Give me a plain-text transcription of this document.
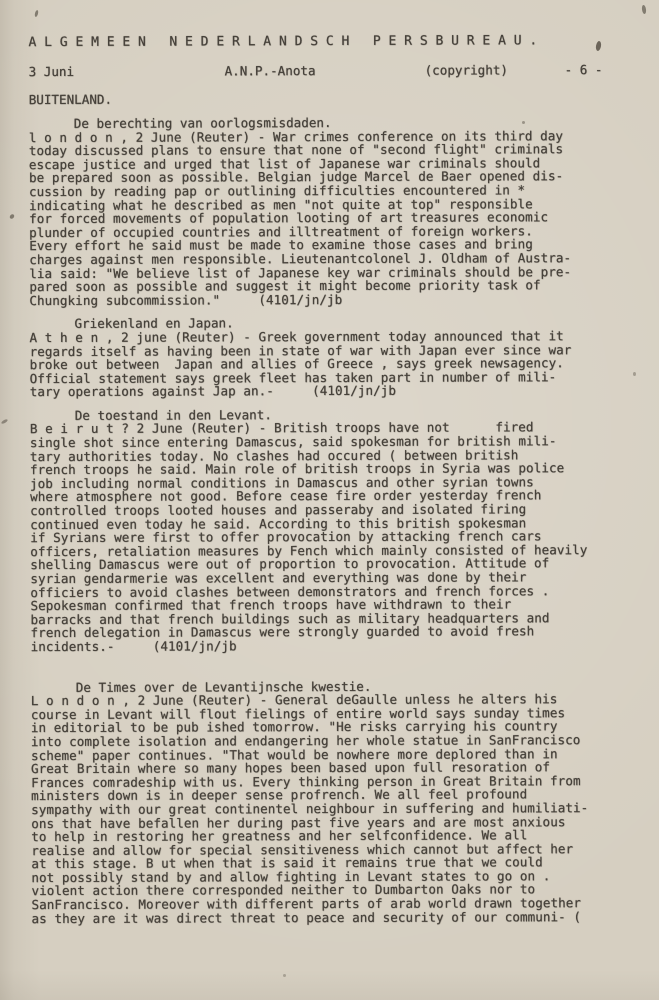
A L G E M E E N   N E D E R L A N D S C H   P E R S B U R E A U .
3 Juni	A.N.P.-Anota	(copyright)	- 6 -
BUITENLAND.

De berechting van oorlogsmisdaden.

l o n d o n , 2 June (Reuter) - War crimes conference on its third day
today discussed plans to ensure that none of "second flight" criminals
escape justice and urged that list of Japanese war criminals should
be prepared soon as possible. Belgian judge Marcel de Baer opened dis-
cussion by reading pap or outlining difficulties encountered in *
indicating what he described as men "not quite at top" responsible
for forced movements of population looting of art treasures economic
plunder of occupied countries and illtreatment of foreign workers.
Every effort he said must be made to examine those cases and bring
charges against men responsible. Lieutenantcolonel J. Oldham of Austra-
lia said: "We believe list of Japanese key war criminals should be pre-
pared soon as possible and suggest it might become priority task of
Chungking subcommission."     (4101/jn/jb

Griekenland en Japan.

A t h e n , 2 june (Reuter) - Greek government today announced that it
regards itself as having been in state of war with Japan ever since war
broke out between  Japan and allies of Greece , says greek newsagency.
Official statement says greek fleet has taken part in number of mili-
tary operations against Jap an.-     (4101/jn/jb

De toestand in den Levant.

B e i r u t ? 2 June (Reuter) - British troops have not      fired
single shot since entering Damascus, said spokesman for british mili-
tary authorities today. No clashes had occured ( between british
french troops he said. Main role of british troops in Syria was police
job including normal conditions in Damascus and other syrian towns
where atmosphere not good. Before cease fire order yesterday french
controlled troops looted houses and passeraby and isolated firing
continued even today he said. According to this british spokesman
if Syrians were first to offer provocation by attacking french cars
officers, retaliation measures by Fench which mainly consisted of heavily
shelling Damascus were out of proportion to provocation. Attitude of
syrian gendarmerie was excellent and everything was done by their
officiers to avoid clashes between demonstrators and french forces .
Sepokesman confirmed that french troops have withdrawn to their
barracks and that french buildings such as military headquarters and
french delegation in Damascus were strongly guarded to avoid fresh
incidents.-     (4101/jn/jb

De Times over de Levantijnsche kwestie.

L o n d o n , 2 June (Reuter) - General deGaulle unless he alters his
course in Levant will flout fielings of entire world says sunday times
in editorial to be pub ished tomorrow. "He risks carrying his country
into complete isolation and endangering her whole statue in SanFrancisco
scheme" paper continues. "That would be nowhere more deplored than in
Great Britain where so many hopes been based upon full resoration of
Frances comradeship with us. Every thinking person in Great Britain from
ministers down is in deeper sense profrench. We all feel profound
sympathy with our great continentel neighbour in suffering and humiliati-
ons that have befallen her during past five years and are most anxious
to help in restoring her greatness and her selfconfidence. We all
realise and allow for special sensitiveness which cannot but affect her
at this stage. B ut when that is said it remains true that we could
not possibly stand by and allow fighting in Levant states to go on .
violent action there corresponded neither to Dumbarton Oaks nor to
SanFrancisco. Moreover with different parts of arab world drawn together
as they are it was direct threat to peace and security of our communi- (
